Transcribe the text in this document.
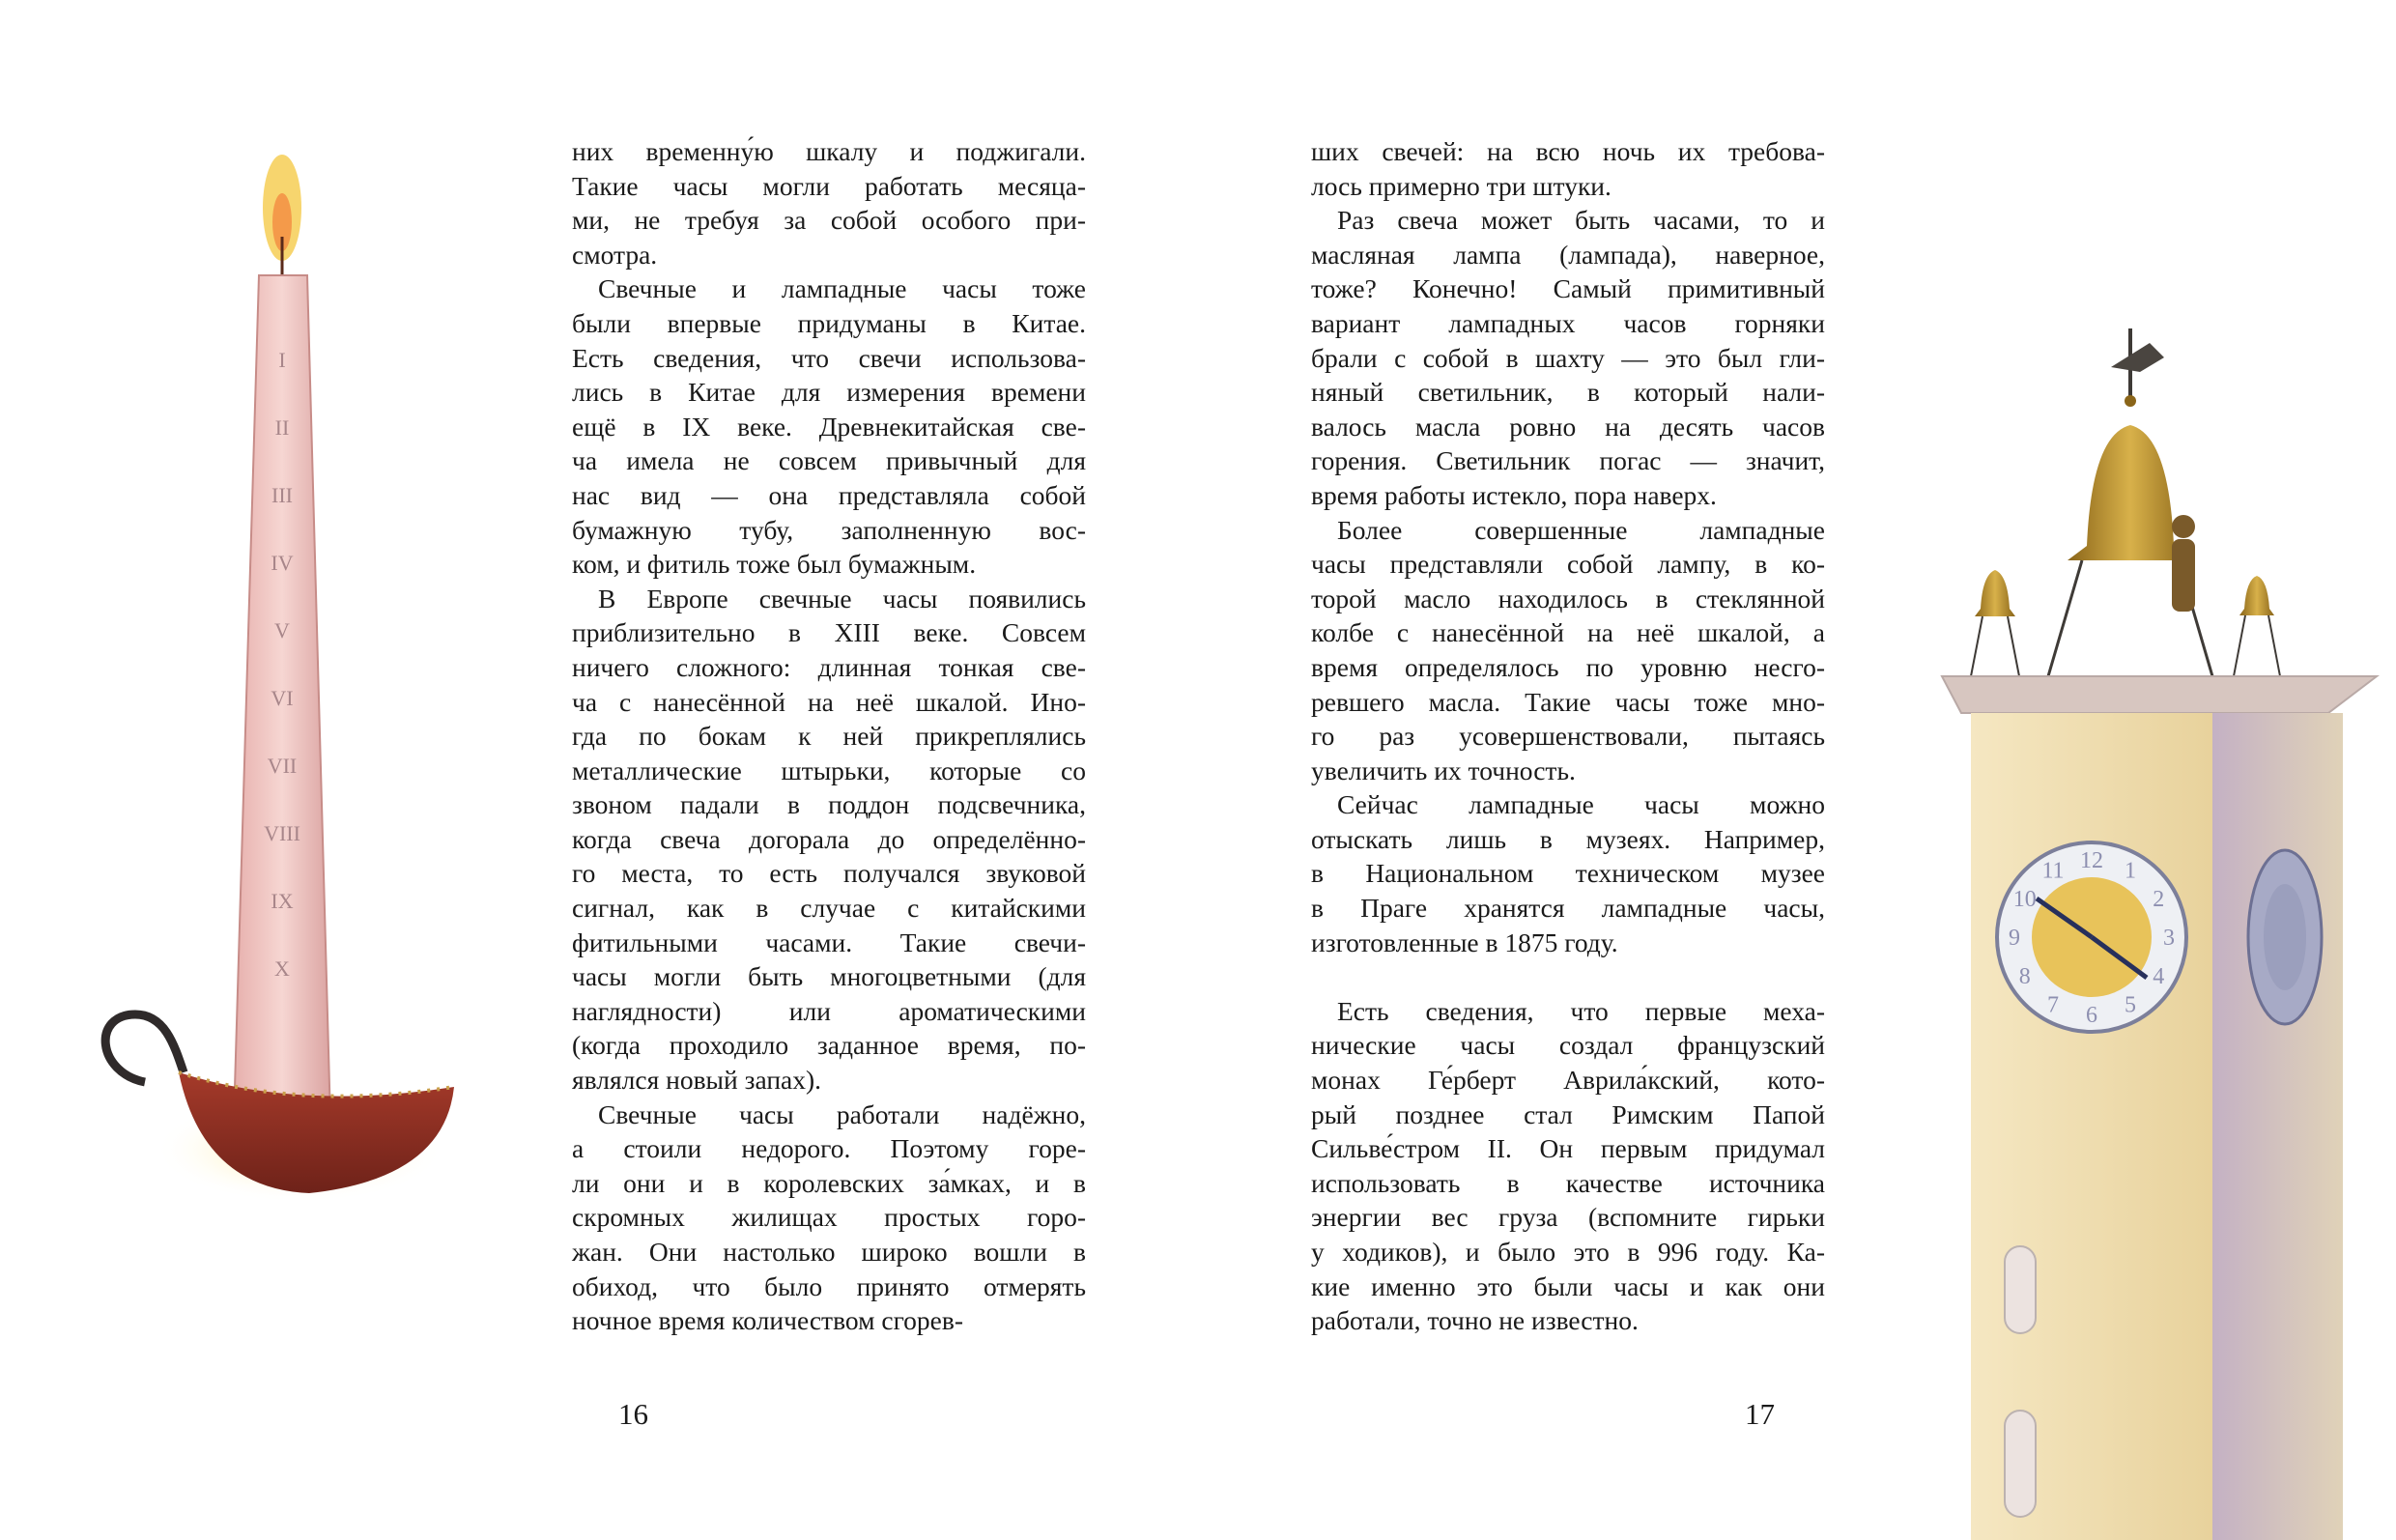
I
II
III
IV
V
VI
VII
VIII
IX
X

них временну́ю шкалу и поджигали.

Такие часы могли работать месяца-

ми, не требуя за собой особого при-

смотра.

Свечные и лампадные часы тоже

были впервые придуманы в Китае.

Есть сведения, что свечи использова-

лись в Китае для измерения времени

ещё в IX веке. Древнекитайская све-

ча имела не совсем привычный для

нас вид — она представляла собой

бумажную тубу, заполненную вос-

ком, и фитиль тоже был бумажным.

В Европе свечные часы появились

приблизительно в XIII веке. Совсем

ничего сложного: длинная тонкая све-

ча с нанесённой на неё шкалой. Ино-

гда по бокам к ней прикреплялись

металлические штырьки, которые со

звоном падали в поддон подсвечника,

когда свеча догорала до определённо-

го места, то есть получался звуковой

сигнал, как в случае с китайскими

фитильными часами. Такие свечи-

часы могли быть многоцветными (для

наглядности) или ароматическими

(когда проходило заданное время, по-

являлся новый запах).

Свечные часы работали надёжно,

а стоили недорого. Поэтому горе-

ли они и в королевских за́мках, и в

скромных жилищах простых горо-

жан. Они настолько широко вошли в

обиход, что было принято отмерять

ночное время количеством сгорев-

16

ших свечей: на всю ночь их требова-

лось примерно три штуки.

Раз свеча может быть часами, то и

масляная лампа (лампада), наверное,

тоже? Конечно! Самый примитивный

вариант лампадных часов горняки

брали с собой в шахту — это был гли-

няный светильник, в который нали-

валось масла ровно на десять часов

горения. Светильник погас — значит,

время работы истекло, пора наверх.

Более совершенные лампадные

часы представляли собой лампу, в ко-

торой масло находилось в стеклянной

колбе с нанесённой на неё шкалой, а

время определялось по уровню несго-

ревшего масла. Такие часы тоже мно-

го раз усовершенствовали, пытаясь

увеличить их точность.

Сейчас лампадные часы можно

отыскать лишь в музеях. Например,

в Национальном техническом музее

в Праге хранятся лампадные часы,

изготовленные в 1875 году.

Есть сведения, что первые меха-

нические часы создал французский

монах Ге́рберт Аврила́кский, кото-

рый позднее стал Римским Папой

Сильве́стром II. Он первым придумал

использовать в качестве источника

энергии вес груза (вспомните гирьки

у ходиков), и было это в 996 году. Ка-

кие именно это были часы и как они

работали, точно не известно.

17
12 1
2
3
4
5
6
7
8
9
10
11
